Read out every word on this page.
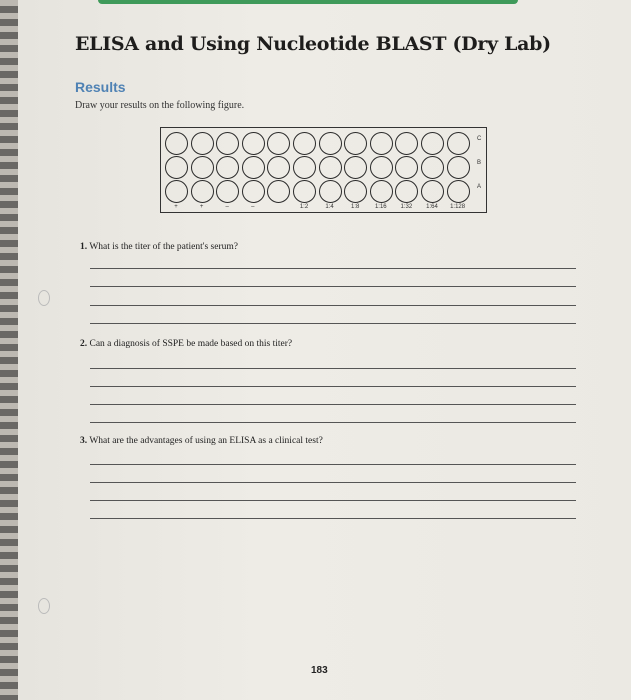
ELISA and Using Nucleotide BLAST (Dry Lab)
Results
Draw your results on the following figure.
C
B
A
+	+	–	–	1:2	1:4	1:8	1:16	1:32	1:64	1:128
1. What is the titer of the patient's serum?
2. Can a diagnosis of SSPE be made based on this titer?
3. What are the advantages of using an ELISA as a clinical test?
183
